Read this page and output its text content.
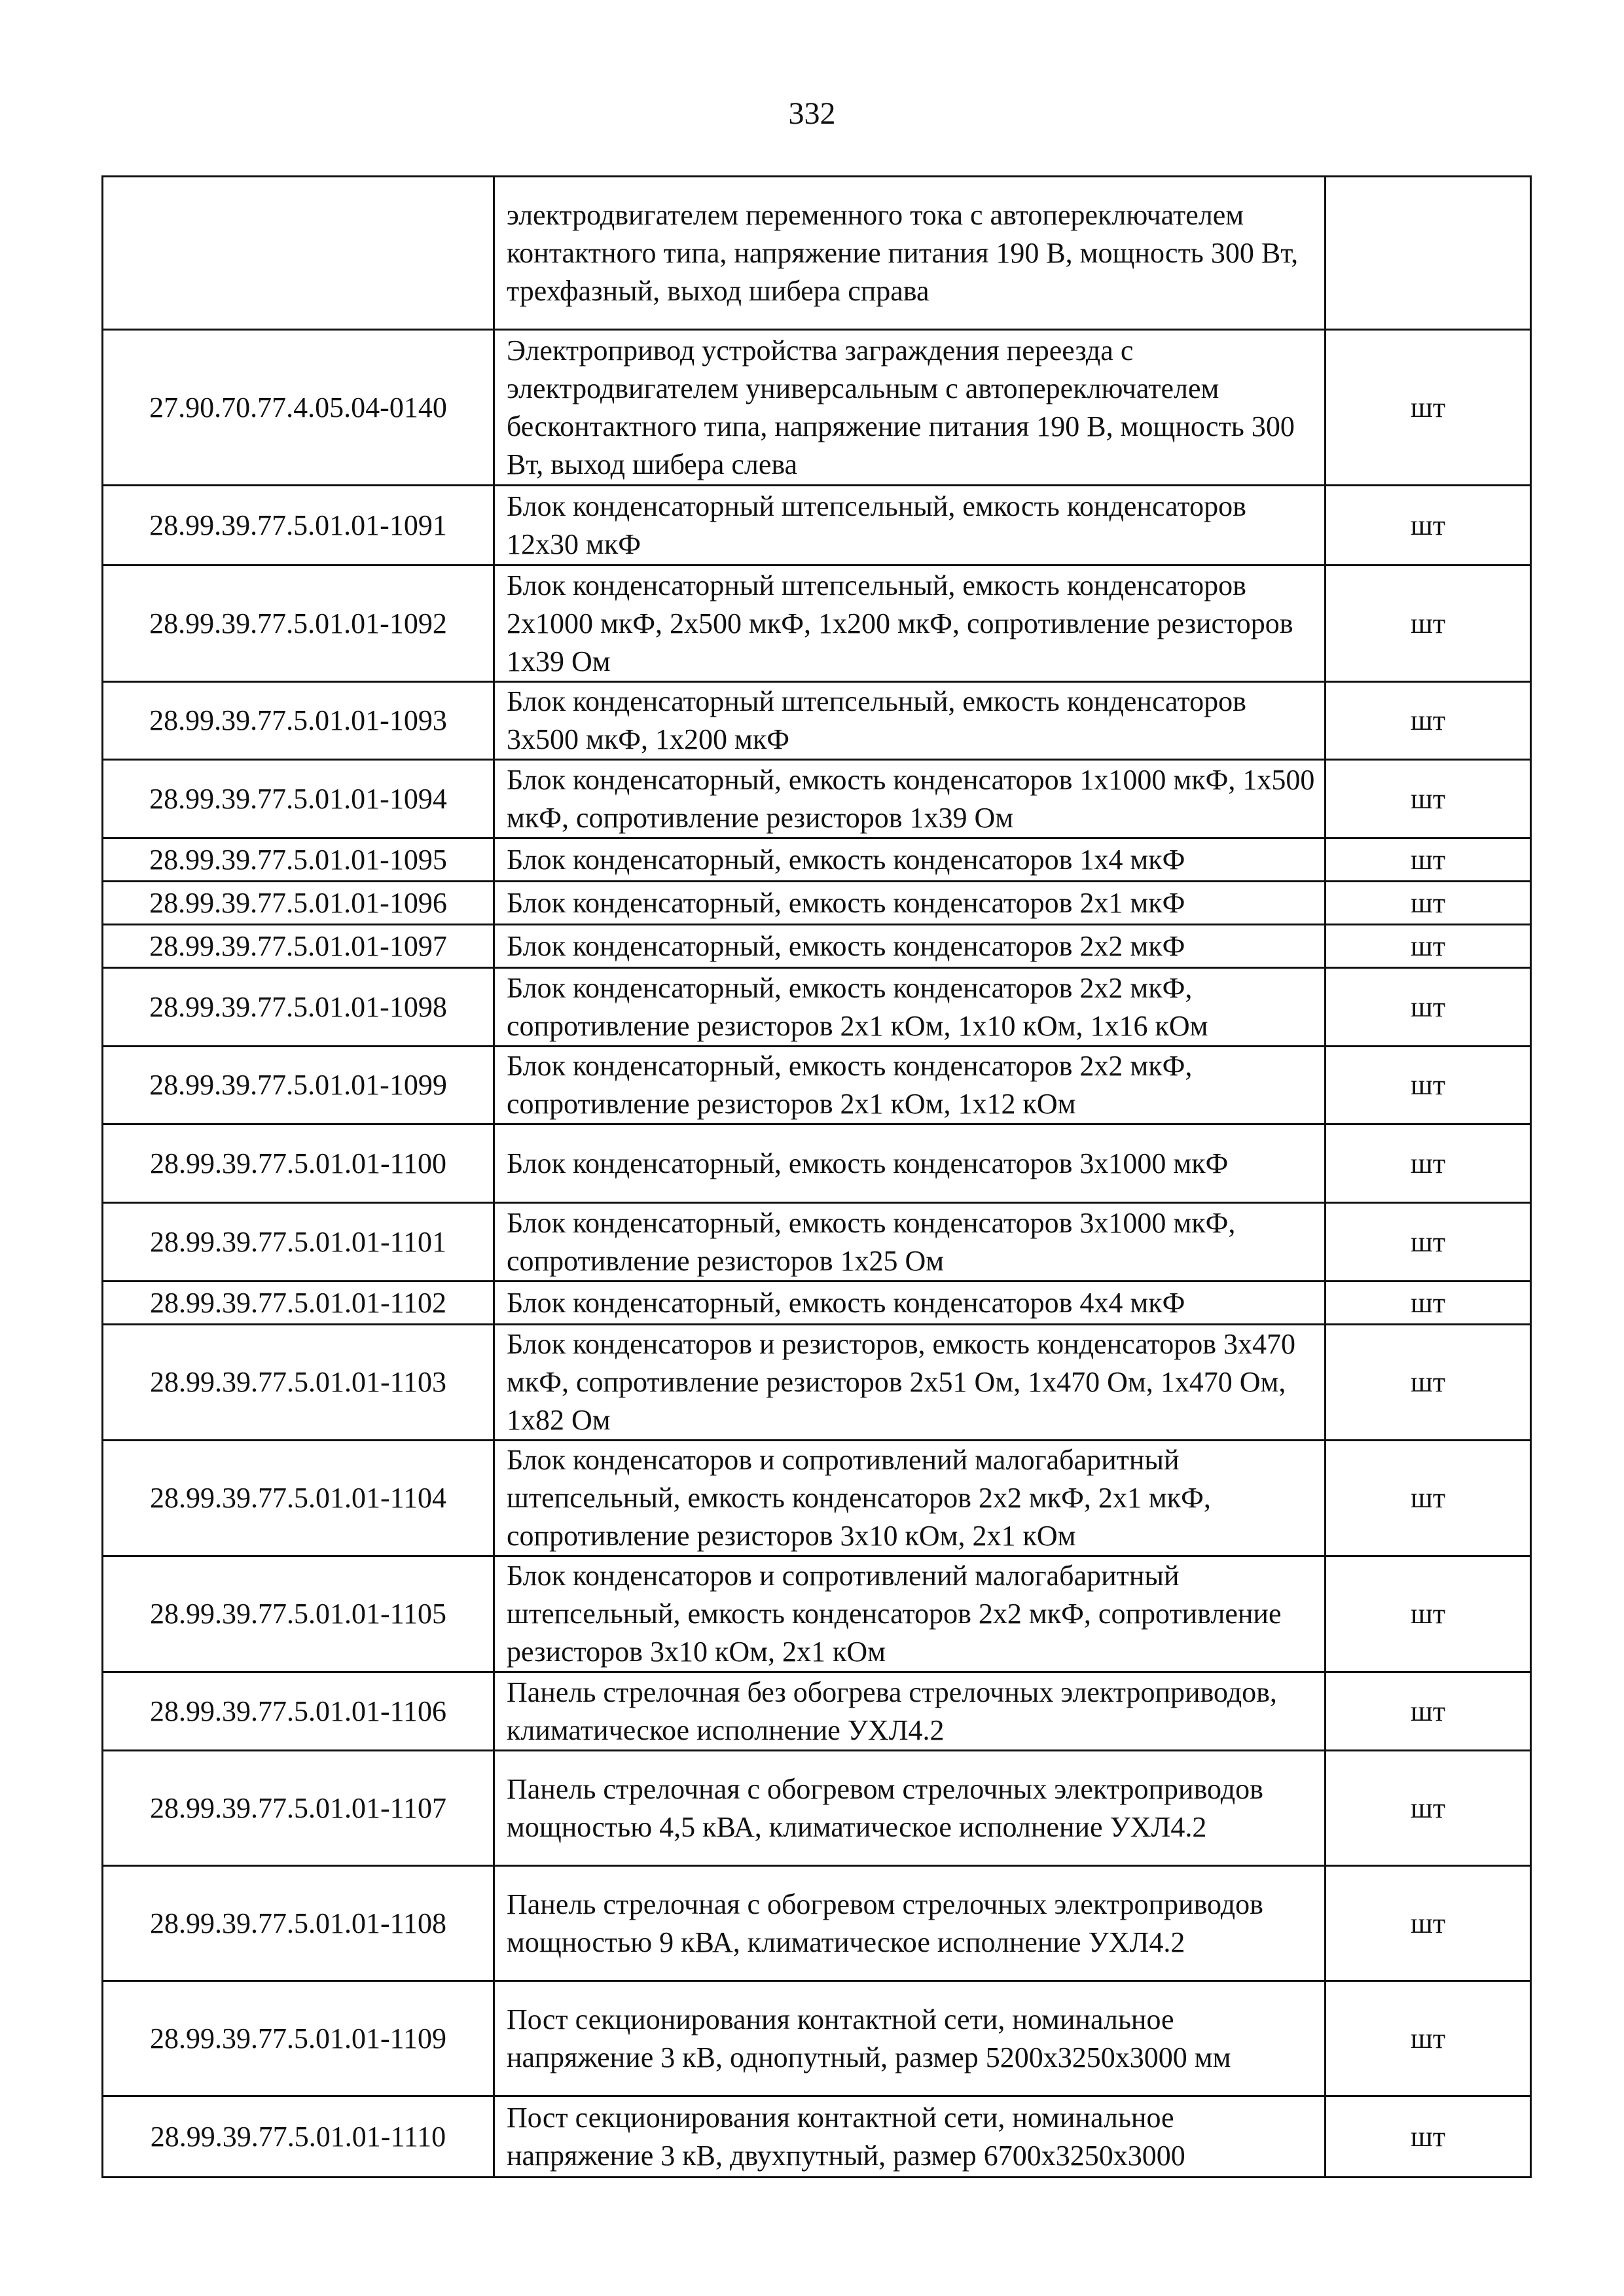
332
	электродвигателем переменного тока с автопереключателем контактного типа, напряжение питания 190 В, мощность 300 Вт, трехфазный, выход шибера справа	
27.90.70.77.4.05.04-0140	Электропривод устройства заграждения переезда с электродвигателем универсальным с автопереключателем бесконтактного типа, напряжение питания 190 В, мощность 300 Вт, выход шибера слева	шт
28.99.39.77.5.01.01-1091	Блок конденсаторный штепсельный, емкость конденсаторов 12х30 мкФ	шт
28.99.39.77.5.01.01-1092	Блок конденсаторный штепсельный, емкость конденсаторов 2х1000 мкФ, 2х500 мкФ, 1х200 мкФ, сопротивление резисторов 1х39 Ом	шт
28.99.39.77.5.01.01-1093	Блок конденсаторный штепсельный, емкость конденсаторов 3х500 мкФ, 1х200 мкФ	шт
28.99.39.77.5.01.01-1094	Блок конденсаторный, емкость конденсаторов 1х1000 мкФ, 1х500 мкФ, сопротивление резисторов 1х39 Ом	шт
28.99.39.77.5.01.01-1095	Блок конденсаторный, емкость конденсаторов 1х4 мкФ	шт
28.99.39.77.5.01.01-1096	Блок конденсаторный, емкость конденсаторов 2х1 мкФ	шт
28.99.39.77.5.01.01-1097	Блок конденсаторный, емкость конденсаторов 2х2 мкФ	шт
28.99.39.77.5.01.01-1098	Блок конденсаторный, емкость конденсаторов 2х2 мкФ, сопротивление резисторов 2х1 кОм, 1х10 кОм, 1х16 кОм	шт
28.99.39.77.5.01.01-1099	Блок конденсаторный, емкость конденсаторов 2х2 мкФ, сопротивление резисторов 2х1 кОм, 1х12 кОм	шт
28.99.39.77.5.01.01-1100	Блок конденсаторный, емкость конденсаторов 3х1000 мкФ	шт
28.99.39.77.5.01.01-1101	Блок конденсаторный, емкость конденсаторов 3х1000 мкФ, сопротивление резисторов 1х25 Ом	шт
28.99.39.77.5.01.01-1102	Блок конденсаторный, емкость конденсаторов 4х4 мкФ	шт
28.99.39.77.5.01.01-1103	Блок конденсаторов и резисторов, емкость конденсаторов 3х470 мкФ, сопротивление резисторов 2х51 Ом, 1х470 Ом, 1х470 Ом, 1х82 Ом	шт
28.99.39.77.5.01.01-1104	Блок конденсаторов и сопротивлений малогабаритный штепсельный, емкость конденсаторов 2х2 мкФ, 2х1 мкФ, сопротивление резисторов 3х10 кОм, 2х1 кОм	шт
28.99.39.77.5.01.01-1105	Блок конденсаторов и сопротивлений малогабаритный штепсельный, емкость конденсаторов 2х2 мкФ, сопротивление резисторов 3х10 кОм, 2х1 кОм	шт
28.99.39.77.5.01.01-1106	Панель стрелочная без обогрева стрелочных электроприводов, климатическое исполнение УХЛ4.2	шт
28.99.39.77.5.01.01-1107	Панель стрелочная с обогревом стрелочных электроприводов мощностью 4,5 кВА, климатическое исполнение УХЛ4.2	шт
28.99.39.77.5.01.01-1108	Панель стрелочная с обогревом стрелочных электроприводов мощностью 9 кВА, климатическое исполнение УХЛ4.2	шт
28.99.39.77.5.01.01-1109	Пост секционирования контактной сети, номинальное напряжение 3 кВ, однопутный, размер 5200х3250х3000 мм	шт
28.99.39.77.5.01.01-1110	Пост секционирования контактной сети, номинальное напряжение 3 кВ, двухпутный, размер 6700х3250х3000	шт
